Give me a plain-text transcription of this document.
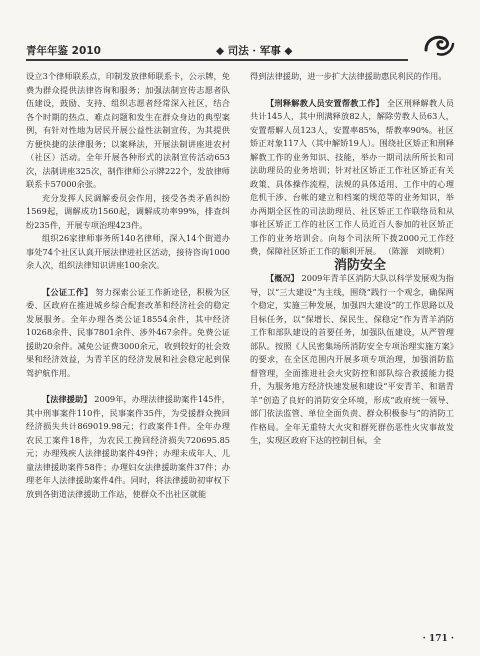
青年年鉴 2010	◆ 司法 · 军事 ◆

设立3个律师联系点，印制发放律师联系卡，公示牌，免费为群众提供法律咨询和服务；加强法制宣传志愿者队伍建设，鼓励、支持、组织志愿者经常深入社区，结合各个时期的热点、难点问题和发生在群众身边的典型案例，有针对性地为居民开展公益性法制宣传，为其提供方便快捷的法律服务；以案释法，开展法制讲座进农村（社区）活动。全年开展各种形式的法制宣传活动653次，法制讲座325次，制作律师公示牌222个，发放律师联系卡57000余张。

充分发挥人民调解委员会作用，接受各类矛盾纠纷1569起，调解成功1560起，调解成功率99%，排查纠纷235件，开展专项治理423件。

组织26家律师事务所140名律师，深入14个街道办事处74个社区认真开展法律进社区活动，接待咨询1000余人次，组织法律知识讲座100余次。

【公证工作】 努力探索公证工作新途径，积极为区委、区政府在推进城乡综合配套改革和经济社会的稳定发展服务。全年办理各类公证18554余件，其中经济10268余件、民事7801余件、涉外467余件。免费公证援助20余件。减免公证费3000余元，收到较好的社会效果和经济效益，为青羊区的经济发展和社会稳定起到保驾护航作用。

【法律援助】 2009年，办理法律援助案件145件，其中刑事案件110件，民事案件35件，为受援群众挽回经济损失共计869019.98元；行政案件1件。全年办理农民工案件18件，为农民工挽回经济损失720695.85元；办理残疾人法律援助案件49件；办理未成年人、儿童法律援助案件58件；办理妇女法律援助案件37件；办理老年人法律援助案件4件。同时，将法律援助初审权下放到各街道法律援助工作站，使群众不出社区就能

得到法律援助，进一步扩大法律援助惠民利民的作用。

【刑释解教人员安置帮教工作】 全区刑释解教人员共计145人，其中刑满释放82人，解除劳教人员63人，安置帮解人员123人，安置率85%，帮教率90%。社区矫正对象117人（其中解矫19人）。围绕社区矫正和刑释解教工作的业务知识、技能，举办一期司法所所长和司法助理员的业务培训；针对社区矫正工作社区矫正有关政策、具体操作流程，法规的具体适用、工作中的心理危机干涉、台帐的建立和档案的规范等的业务知识，举办两期全区性的司法助理员、社区矫正工作联络员和从事社区矫正工作的社区工作人员近百人参加的社区矫正工作的业务培训会。向每个司法所下拨2000元工作经费，保障社区矫正工作的顺利开展。 （陈源　刘晓莉）

消防安全

【概况】 2009年青羊区消防大队以科学发展观为指导，以“三大建设”为主线，围绕“践行一个观念，确保两个稳定，实施三种发展，加强四大建设”的工作思路以及目标任务，以“保增长、保民生、保稳定”作为青羊消防工作和部队建设的首要任务，加强队伍建设，从严管理部队。按照《人民密集场所消防安全专项治理实施方案》的要求，在全区范围内开展多项专项治理，加强消防监督管理，全面推进社会火灾防控和部队综合救援能力提升，为服务地方经济快速发展和建设“平安青羊、和谐青羊”创造了良好的消防安全环境，形成“政府统一领导、部门依法监管、单位全面负责、群众积极参与”的消防工作格局。全年无重特大火灾和群死群伤恶性火灾事故发生，实现区政府下达的控制目标，全

· 171 ·
